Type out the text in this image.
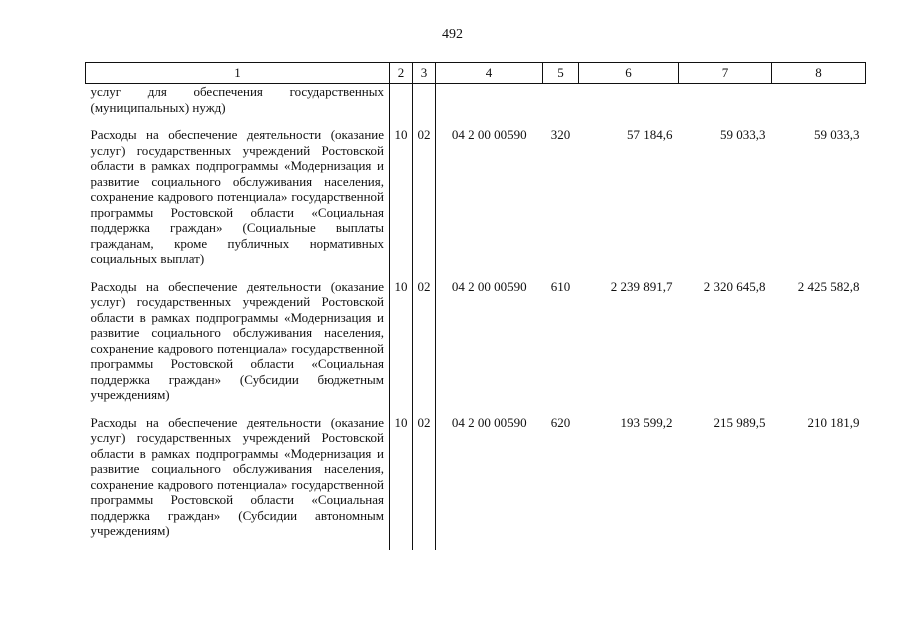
492
1	2	3	4	5	6	7	8

услуг для обеспечения государственных (муниципальных) нужд)							

Расходы на обеспечение деятельности (оказание услуг) государственных учреждений Ростовской области в рамках подпрограммы «Модернизация и развитие социального обслуживания населения, сохранение кадрового потенциала» государственной программы Ростовской области «Социальная поддержка граждан» (Социальные выплаты гражданам, кроме публичных нормативных социальных выплат)	10	02	04 2 00 00590	320	57 184,6	59 033,3	59 033,3

Расходы на обеспечение деятельности (оказание услуг) государственных учреждений Ростовской области в рамках подпрограммы «Модернизация и развитие социального обслуживания населения, сохранение кадрового потенциала» государственной программы Ростовской области «Социальная поддержка граждан» (Субсидии бюджетным учреждениям)	10	02	04 2 00 00590	610	2 239 891,7	2 320 645,8	2 425 582,8

Расходы на обеспечение деятельности (оказание услуг) государственных учреждений Ростовской области в рамках подпрограммы «Модернизация и развитие социального обслуживания населения, сохранение кадрового потенциала» государственной программы Ростовской области «Социальная поддержка граждан» (Субсидии автономным учреждениям)	10	02	04 2 00 00590	620	193 599,2	215 989,5	210 181,9
